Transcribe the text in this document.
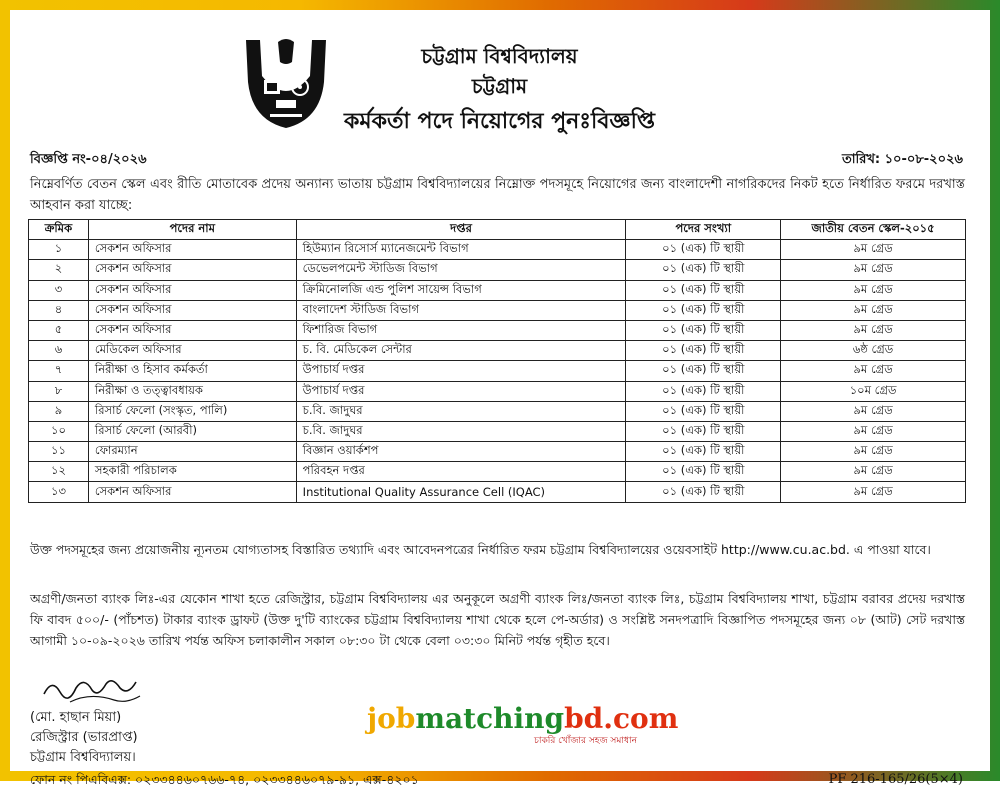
চট্টগ্রাম বিশ্ববিদ্যালয়
চট্টগ্রাম
কর্মকর্তা পদে নিয়োগের পুনঃবিজ্ঞপ্তি
বিজ্ঞপ্তি নং-০৪/২০২৬	তারিখ: ১০-০৮-২০২৬
নিম্নেবর্ণিত বেতন স্কেল এবং রীতি মোতাবেক প্রদেয় অন্যান্য ভাতায় চট্টগ্রাম বিশ্ববিদ্যালয়ের নিম্নোক্ত পদসমূহে নিয়োগের জন্য বাংলাদেশী নাগরিকদের নিকট হতে নির্ধারিত ফরমে দরখাস্ত আহবান করা যাচ্ছে:
ক্রমিক	পদের নাম	দপ্তর	পদের সংখ্যা	জাতীয় বেতন স্কেল-২০১৫
১	সেকশন অফিসার	হিউম্যান রিসোর্স ম্যানেজমেন্ট বিভাগ	০১ (এক) টি স্থায়ী	৯ম গ্রেড
২	সেকশন অফিসার	ডেভেলপমেন্ট স্টাডিজ বিভাগ	০১ (এক) টি স্থায়ী	৯ম গ্রেড
৩	সেকশন অফিসার	ক্রিমিনোলজি এন্ড পুলিশ সায়েন্স বিভাগ	০১ (এক) টি স্থায়ী	৯ম গ্রেড
৪	সেকশন অফিসার	বাংলাদেশ স্টাডিজ বিভাগ	০১ (এক) টি স্থায়ী	৯ম গ্রেড
৫	সেকশন অফিসার	ফিশারিজ বিভাগ	০১ (এক) টি স্থায়ী	৯ম গ্রেড
৬	মেডিকেল অফিসার	চ. বি. মেডিকেল সেন্টার	০১ (এক) টি স্থায়ী	৬ষ্ঠ গ্রেড
৭	নিরীক্ষা ও হিসাব কর্মকর্তা	উপাচার্য দপ্তর	০১ (এক) টি স্থায়ী	৯ম গ্রেড
৮	নিরীক্ষা ও তত্ত্বাবধায়ক	উপাচার্য দপ্তর	০১ (এক) টি স্থায়ী	১০ম গ্রেড
৯	রিসার্চ ফেলো (সংস্কৃত, পালি)	চ.বি. জাদুঘর	০১ (এক) টি স্থায়ী	৯ম গ্রেড
১০	রিসার্চ ফেলো (আরবী)	চ.বি. জাদুঘর	০১ (এক) টি স্থায়ী	৯ম গ্রেড
১১	ফোরম্যান	বিজ্ঞান ওয়ার্কশপ	০১ (এক) টি স্থায়ী	৯ম গ্রেড
১২	সহকারী পরিচালক	পরিবহন দপ্তর	০১ (এক) টি স্থায়ী	৯ম গ্রেড
১৩	সেকশন অফিসার	Institutional Quality Assurance Cell (IQAC)	০১ (এক) টি স্থায়ী	৯ম গ্রেড
উক্ত পদসমূহের জন্য প্রয়োজনীয় ন্যূনতম যোগ্যতাসহ বিস্তারিত তথ্যাদি এবং আবেদনপত্রের নির্ধারিত ফরম চট্টগ্রাম বিশ্ববিদ্যালয়ের ওয়েবসাইট http://www.cu.ac.bd. এ পাওয়া যাবে।
অগ্রণী/জনতা ব্যাংক লিঃ-এর যেকোন শাখা হতে রেজিস্ট্রার, চট্টগ্রাম বিশ্ববিদ্যালয় এর অনুকূলে অগ্রণী ব্যাংক লিঃ/জনতা ব্যাংক লিঃ, চট্টগ্রাম বিশ্ববিদ্যালয় শাখা, চট্টগ্রাম বরাবর প্রদেয় দরখাস্ত ফি বাবদ ৫০০/- (পাঁচশত) টাকার ব্যাংক ড্রাফট (উক্ত দু'টি ব্যাংকের চট্টগ্রাম বিশ্ববিদ্যালয় শাখা থেকে হলে পে-অর্ডার) ও সংশ্লিষ্ট সনদপত্রাদি বিজ্ঞাপিত পদসমূহের জন্য ০৮ (আট) সেট দরখাস্ত আগামী ১০-০৯-২০২৬ তারিখ পর্যন্ত অফিস চলাকালীন সকাল ০৮:৩০ টা থেকে বেলা ০৩:৩০ মিনিট পর্যন্ত গৃহীত হবে।
(মো. হাছান মিয়া)
রেজিস্ট্রার (ভারপ্রাপ্ত)
চট্টগ্রাম বিশ্ববিদ্যালয়।
ফোন নং পিএবিএক্স: ০২৩৩৪৪৬০৭৬৬-৭৪, ০২৩৩৪৪৬০৭৯-৯১, এক্স-৪২০১	PF 216-165/26(5×4)
jobmatchingbd.com
চাকরি খোঁজার সহজ সমাধান
